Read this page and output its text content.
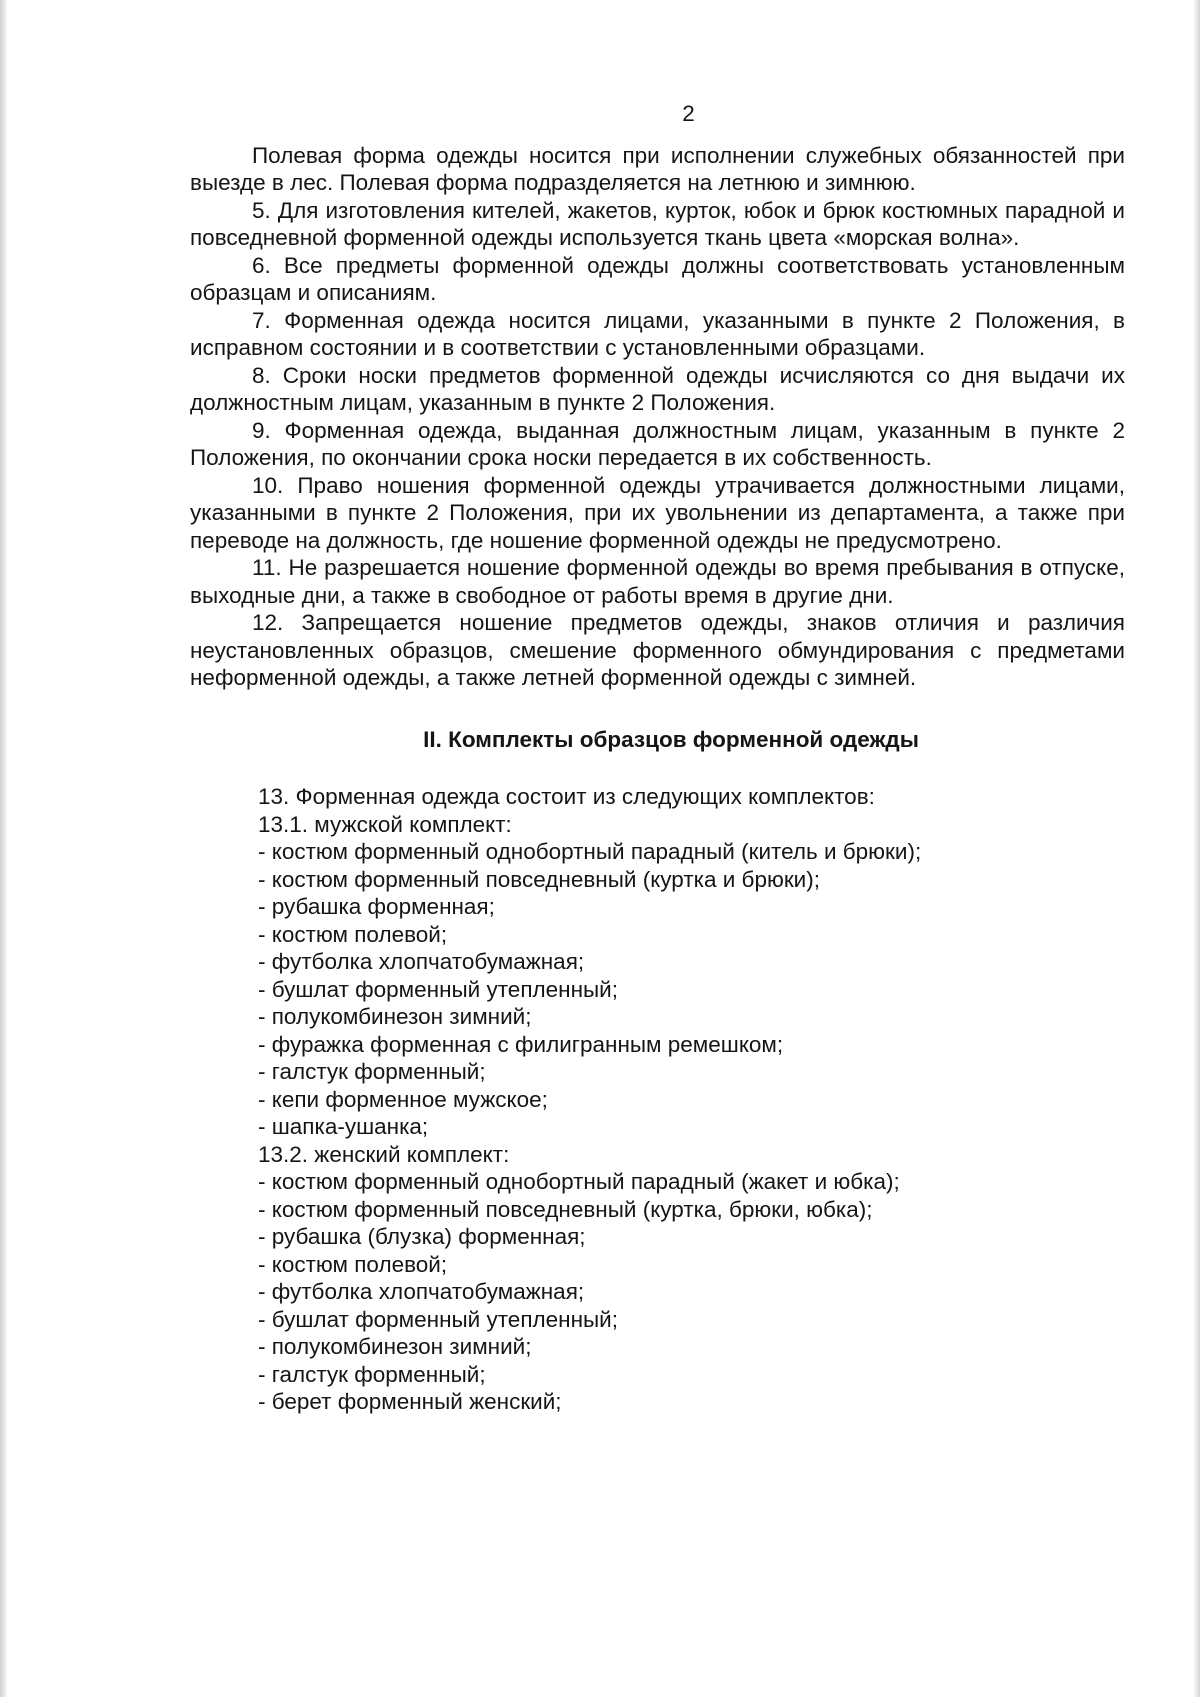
2

Полевая форма одежды носится при исполнении служебных обязанностей при выезде в лес. Полевая форма подразделяется на летнюю и зимнюю.

5. Для изготовления кителей, жакетов, курток, юбок и брюк костюмных парадной и повседневной форменной одежды используется ткань цвета «морская волна».

6. Все предметы форменной одежды должны соответствовать установленным образцам и описаниям.

7. Форменная одежда носится лицами, указанными в пункте 2 Положения, в исправном состоянии и в соответствии с установленными образцами.

8. Сроки носки предметов форменной одежды исчисляются со дня выдачи их должностным лицам, указанным в пункте 2 Положения.

9. Форменная одежда, выданная должностным лицам, указанным в пункте 2 Положения, по окончании срока носки передается в их собственность.

10. Право ношения форменной одежды утрачивается должностными лицами, указанными в пункте 2 Положения, при их увольнении из департамента, а также при переводе на должность, где ношение форменной одежды не предусмотрено.

11. Не разрешается ношение форменной одежды во время пребывания в отпуске, выходные дни, а также в свободное от работы время в другие дни.

12. Запрещается ношение предметов одежды, знаков отличия и различия неустановленных образцов, смешение форменного обмундирования с предметами неформенной одежды, а также летней форменной одежды с зимней.

II. Комплекты образцов форменной одежды
13. Форменная одежда состоит из следующих комплектов:
13.1. мужской комплект:
- костюм форменный однобортный парадный (китель и брюки);
- костюм форменный повседневный (куртка и брюки);
- рубашка форменная;
- костюм полевой;
- футболка хлопчатобумажная;
- бушлат форменный утепленный;
- полукомбинезон зимний;
- фуражка форменная с филигранным ремешком;
- галстук форменный;
- кепи форменное мужское;
- шапка-ушанка;
13.2. женский комплект:
- костюм форменный однобортный парадный (жакет и юбка);
- костюм форменный повседневный (куртка, брюки, юбка);
- рубашка (блузка) форменная;
- костюм полевой;
- футболка хлопчатобумажная;
- бушлат форменный утепленный;
- полукомбинезон зимний;
- галстук форменный;
- берет форменный женский;
